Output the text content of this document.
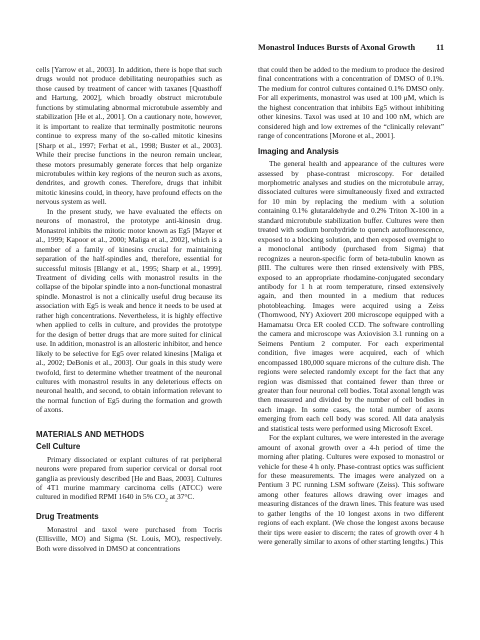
Monastrol Induces Bursts of Axonal Growth	11

cells [Yarrow et al., 2003]. In addition, there is hope that such drugs would not produce debilitating neuropathies such as those caused by treatment of cancer with taxanes [Quasthoff and Hartung, 2002], which broadly obstruct microtubule functions by stimulating abnormal microtubule assembly and stabilization [He et al., 2001]. On a cautionary note, however, it is important to realize that terminally postmitotic neurons continue to express many of the so-called mitotic kinesins [Sharp et al., 1997; Ferhat et al., 1998; Buster et al., 2003]. While their precise functions in the neuron remain unclear, these motors presumably generate forces that help organize microtubules within key regions of the neuron such as axons, dendrites, and growth cones. Therefore, drugs that inhibit mitotic kinesins could, in theory, have profound effects on the nervous system as well.

In the present study, we have evaluated the effects on neurons of monastrol, the prototype anti-kinesin drug. Monastrol inhibits the mitotic motor known as Eg5 [Mayer et al., 1999; Kapoor et al., 2000; Maliga et al., 2002], which is a member of a family of kinesins crucial for maintaining separation of the half-spindles and, therefore, essential for successful mitosis [Blangy et al., 1995; Sharp et al., 1999]. Treatment of dividing cells with monastrol results in the collapse of the bipolar spindle into a non-functional monastral spindle. Monastrol is not a clinically useful drug because its association with Eg5 is weak and hence it needs to be used at rather high concentrations. Nevertheless, it is highly effective when applied to cells in culture, and provides the prototype for the design of better drugs that are more suited for clinical use. In addition, monastrol is an allosteric inhibitor, and hence likely to be selective for Eg5 over related kinesins [Maliga et al., 2002; DeBonis et al., 2003]. Our goals in this study were twofold, first to determine whether treatment of the neuronal cultures with monastrol results in any deleterious effects on neuronal health, and second, to obtain information relevant to the normal function of Eg5 during the formation and growth of axons.

MATERIALS AND METHODS
Cell Culture

Primary dissociated or explant cultures of rat peripheral neurons were prepared from superior cervical or dorsal root ganglia as previously described [He and Baas, 2003]. Cultures of 4T1 murine mammary carcinoma cells (ATCC) were cultured in modified RPMI 1640 in 5% $CO_2$ at 37°C.

Drug Treatments

Monastrol and taxol were purchased from Tocris (Ellisville, MO) and Sigma (St. Louis, MO), respectively. Both were dissolved in DMSO at concentrations

that could then be added to the medium to produce the desired final concentrations with a concentration of DMSO of 0.1%. The medium for control cultures contained 0.1% DMSO only. For all experiments, monastrol was used at 100 μM, which is the highest concentration that inhibits Eg5 without inhibiting other kinesins. Taxol was used at 10 and 100 nM, which are considered high and low extremes of the “clinically relevant” range of concentrations [Morone et al., 2001].

Imaging and Analysis

The general health and appearance of the cultures were assessed by phase-contrast microscopy. For detailed morphometric analyses and studies on the microtubule array, dissociated cultures were simultaneously fixed and extracted for 10 min by replacing the medium with a solution containing 0.1% glutaraldehyde and 0.2% Triton X-100 in a standard microtubule stabilization buffer. Cultures were then treated with sodium borohydride to quench autofluorescence, exposed to a blocking solution, and then exposed overnight to a monoclonal antibody (purchased from Sigma) that recognizes a neuron-specific form of beta-tubulin known as βIII. The cultures were then rinsed extensively with PBS, exposed to an appropriate rhodamine-conjugated secondary antibody for 1 h at room temperature, rinsed extensively again, and then mounted in a medium that reduces photobleaching. Images were acquired using a Zeiss (Thornwood, NY) Axiovert 200 microscope equipped with a Hamamatsu Orca ER cooled CCD. The software controlling the camera and microscope was Axiovision 3.1 running on a Seimens Pentium 2 computer. For each experimental condition, five images were acquired, each of which encompassed 180,000 square microns of the culture dish. The regions were selected randomly except for the fact that any region was dismissed that contained fewer than three or greater than four neuronal cell bodies. Total axonal length was then measured and divided by the number of cell bodies in each image. In some cases, the total number of axons emerging from each cell body was scored. All data analysis and statistical tests were performed using Microsoft Excel.

For the explant cultures, we were interested in the average amount of axonal growth over a 4-h period of time the morning after plating. Cultures were exposed to monastrol or vehicle for these 4 h only. Phase-contrast optics was sufficient for these measurements. The images were analyzed on a Pentium 3 PC running LSM software (Zeiss). This software among other features allows drawing over images and measuring distances of the drawn lines. This feature was used to gather lengths of the 10 longest axons in two different regions of each explant. (We chose the longest axons because their tips were easier to discern; the rates of growth over 4 h were generally similar to axons of other starting lengths.) This
